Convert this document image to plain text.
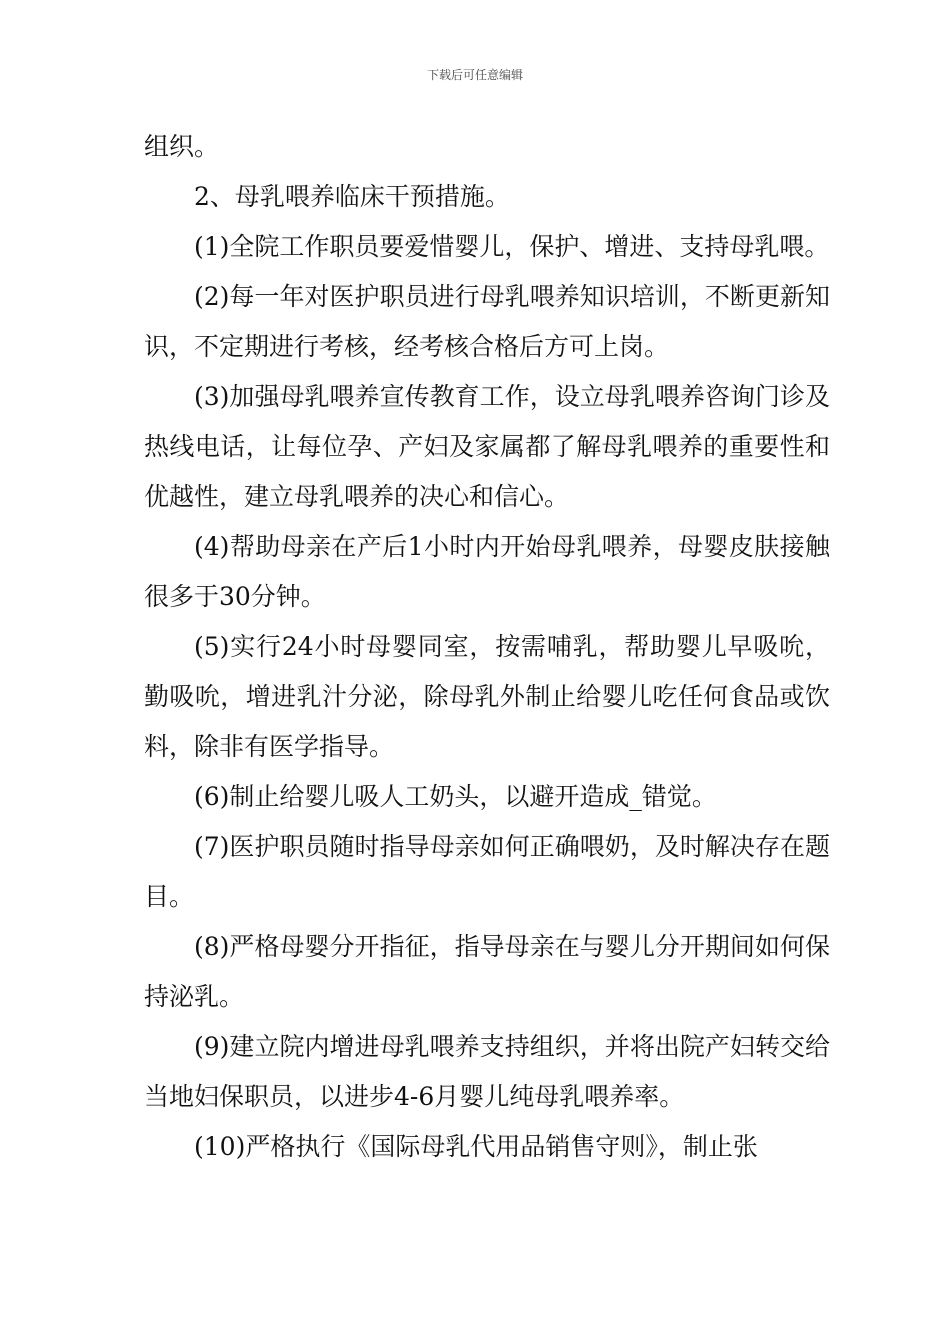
下载后可任意编辑

组织。

2、母乳喂养临床干预措施。

(1)全院工作职员要爱惜婴儿，保护、增进、支持母乳喂。

(2)每一年对医护职员进行母乳喂养知识培训，不断更新知识，不定期进行考核，经考核合格后方可上岗。

(3)加强母乳喂养宣传教育工作，设立母乳喂养咨询门诊及热线电话，让每位孕、产妇及家属都了解母乳喂养的重要性和优越性，建立母乳喂养的决心和信心。

(4)帮助母亲在产后1小时内开始母乳喂养，母婴皮肤接触很多于30分钟。

(5)实行24小时母婴同室，按需哺乳，帮助婴儿早吸吮，勤吸吮，增进乳汁分泌，除母乳外制止给婴儿吃任何食品或饮料，除非有医学指导。

(6)制止给婴儿吸人工奶头，以避开造成_错觉。

(7)医护职员随时指导母亲如何正确喂奶，及时解决存在题目。

(8)严格母婴分开指征，指导母亲在与婴儿分开期间如何保持泌乳。

(9)建立院内增进母乳喂养支持组织，并将出院产妇转交给当地妇保职员，以进步4-6月婴儿纯母乳喂养率。

(10)严格执行《国际母乳代用品销售守则》，制止张
